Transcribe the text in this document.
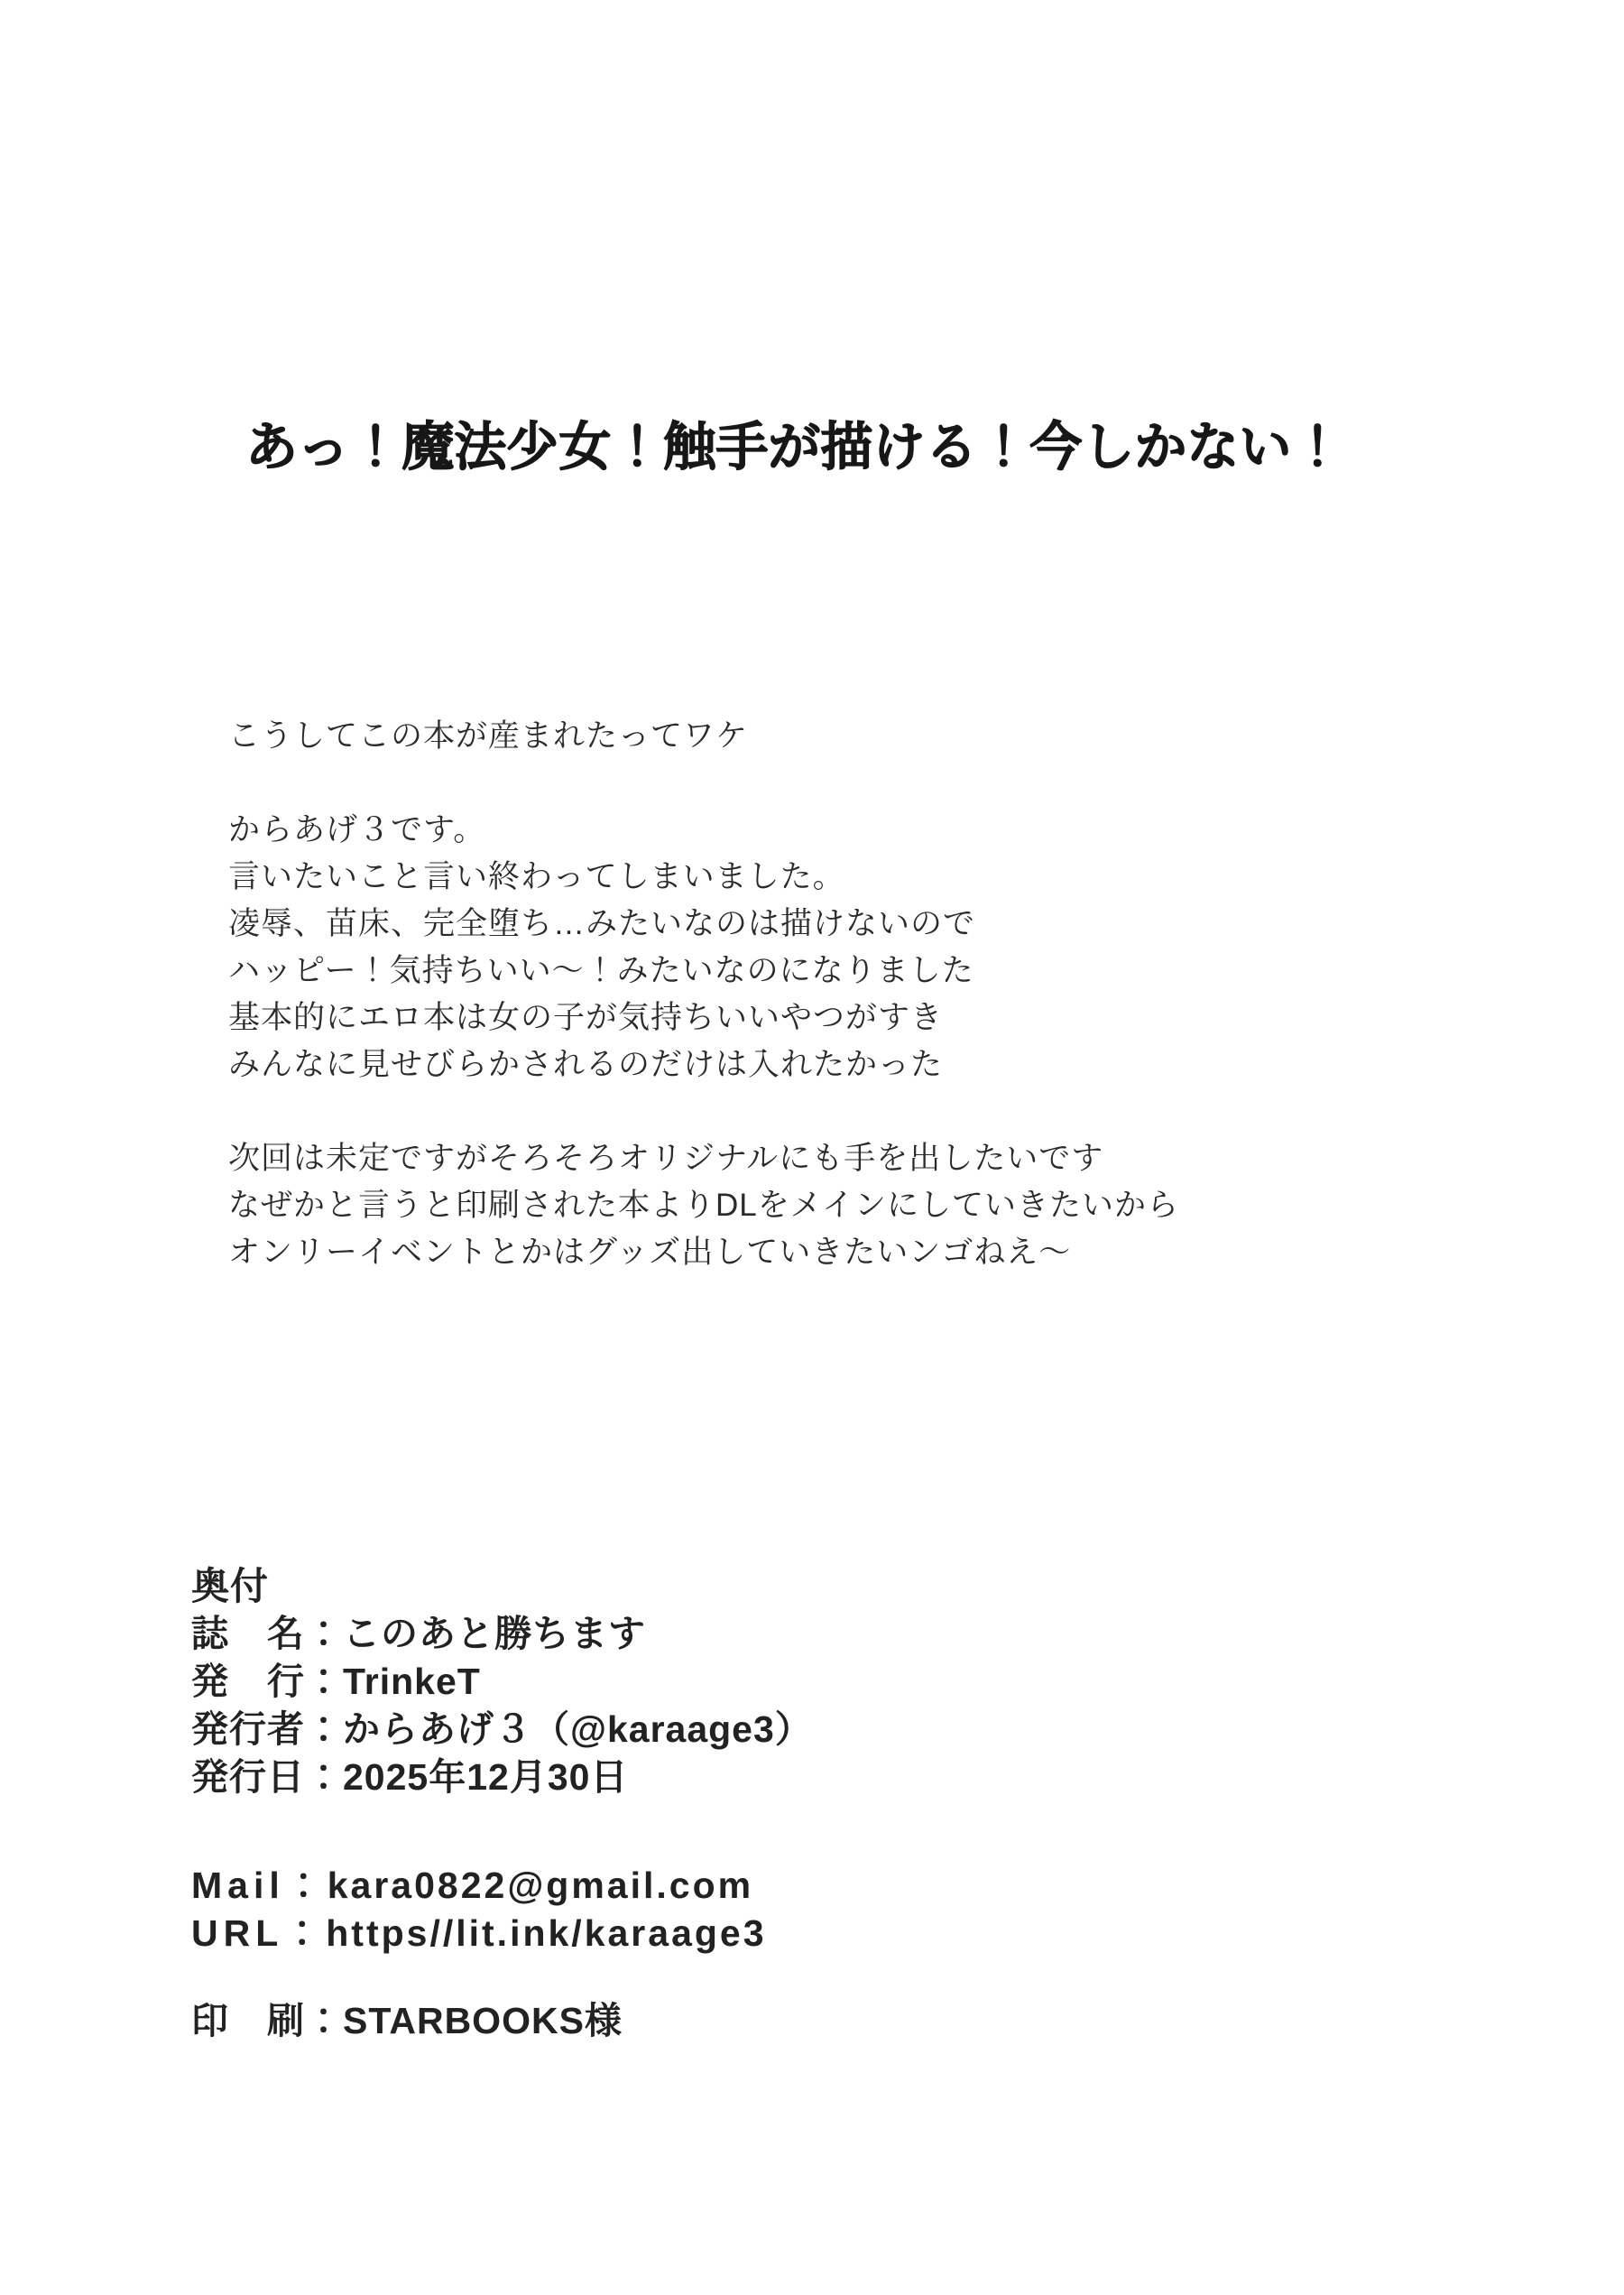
あっ！魔法少女！触手が描ける！今しかない！

こうしてこの本が産まれたってワケ

からあげ３です。

言いたいこと言い終わってしまいました。

凌辱、苗床、完全堕ち…みたいなのは描けないので

ハッピー！気持ちいい～！みたいなのになりました

基本的にエロ本は女の子が気持ちいいやつがすき

みんなに見せびらかされるのだけは入れたかった

次回は未定ですがそろそろオリジナルにも手を出したいです

なぜかと言うと印刷された本よりDLをメインにしていきたいから

オンリーイベントとかはグッズ出していきたいンゴねえ～

奥付

誌　名：このあと勝ちます

発　行：TrinkeT

発行者：からあげ３（@karaage3）

発行日：2025年12月30日

Mail：kara0822@gmail.com

URL：https//lit.ink/karaage3

印　刷：STARBOOKS様
